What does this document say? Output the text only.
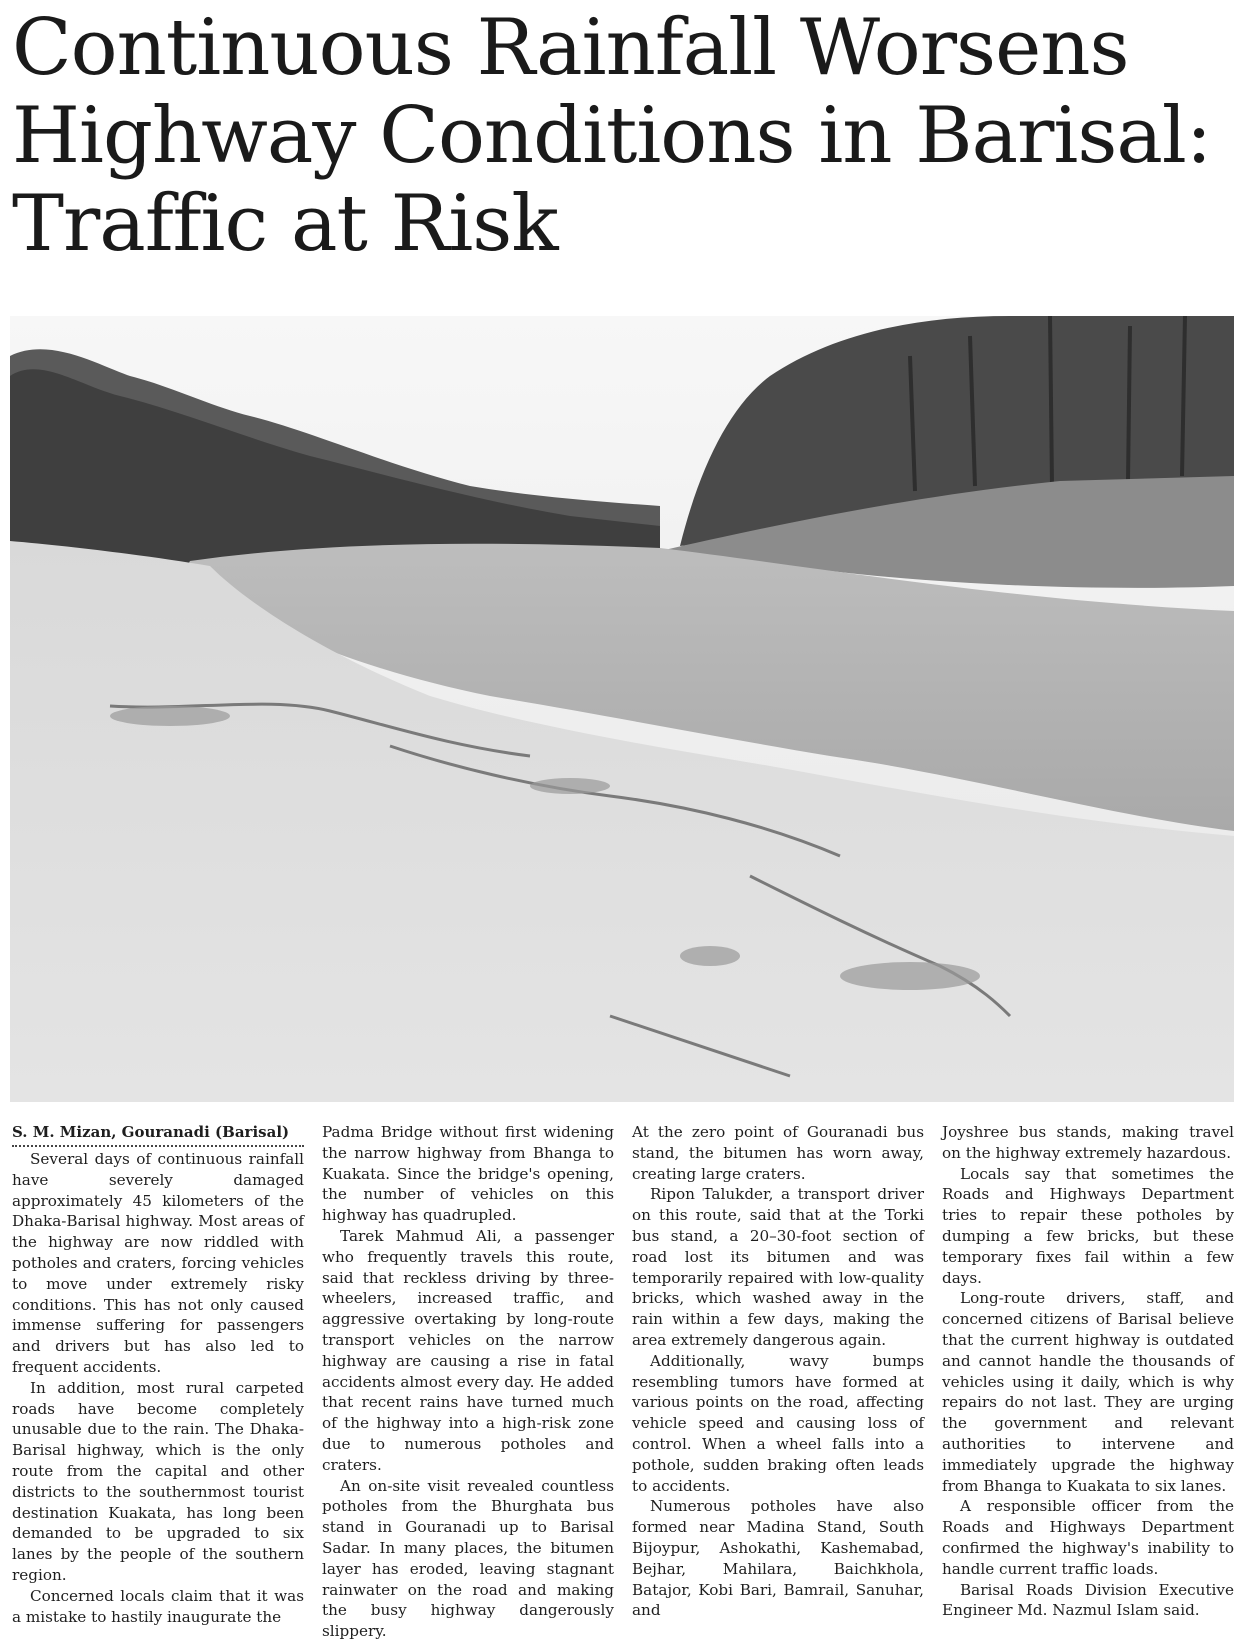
Continuous Rainfall Worsens Highway Conditions in Barisal: Traffic at Risk
S. M. Mizan, Gouranadi (Barisal)

Several days of continuous rainfall have severely damaged approximately 45 kilometers of the Dhaka-Barisal highway. Most areas of the highway are now riddled with potholes and craters, forcing vehicles to move under extremely risky conditions. This has not only caused immense suffering for passengers and drivers but has also led to frequent accidents.

In addition, most rural carpeted roads have become completely unusable due to the rain. The Dhaka-Barisal highway, which is the only route from the capital and other districts to the southernmost tourist destination Kuakata, has long been demanded to be upgraded to six lanes by the people of the southern region.

Concerned locals claim that it was a mistake to hastily inaugurate the

Padma Bridge without first widening the narrow highway from Bhanga to Kuakata. Since the bridge's opening, the number of vehicles on this highway has quadrupled.

Tarek Mahmud Ali, a passenger who frequently travels this route, said that reckless driving by three-wheelers, increased traffic, and aggressive overtaking by long-route transport vehicles on the narrow highway are causing a rise in fatal accidents almost every day. He added that recent rains have turned much of the highway into a high-risk zone due to numerous potholes and craters.

An on-site visit revealed countless potholes from the Bhurghata bus stand in Gouranadi up to Barisal Sadar. In many places, the bitumen layer has eroded, leaving stagnant rainwater on the road and making the busy highway dangerously slippery.

At the zero point of Gouranadi bus stand, the bitumen has worn away, creating large craters.

Ripon Talukder, a transport driver on this route, said that at the Torki bus stand, a 20–30-foot section of road lost its bitumen and was temporarily repaired with low-quality bricks, which washed away in the rain within a few days, making the area extremely dangerous again.

Additionally, wavy bumps resembling tumors have formed at various points on the road, affecting vehicle speed and causing loss of control. When a wheel falls into a pothole, sudden braking often leads to accidents.

Numerous potholes have also formed near Madina Stand, South Bijoypur, Ashokathi, Kashemabad, Bejhar, Mahilara, Baichkhola, Batajor, Kobi Bari, Bamrail, Sanuhar, and

Joyshree bus stands, making travel on the highway extremely hazardous.

Locals say that sometimes the Roads and Highways Department tries to repair these potholes by dumping a few bricks, but these temporary fixes fail within a few days.

Long-route drivers, staff, and concerned citizens of Barisal believe that the current highway is outdated and cannot handle the thousands of vehicles using it daily, which is why repairs do not last. They are urging the government and relevant authorities to intervene and immediately upgrade the highway from Bhanga to Kuakata to six lanes.

A responsible officer from the Roads and Highways Department confirmed the highway's inability to handle current traffic loads.

Barisal Roads Division Executive Engineer Md. Nazmul Islam said.
